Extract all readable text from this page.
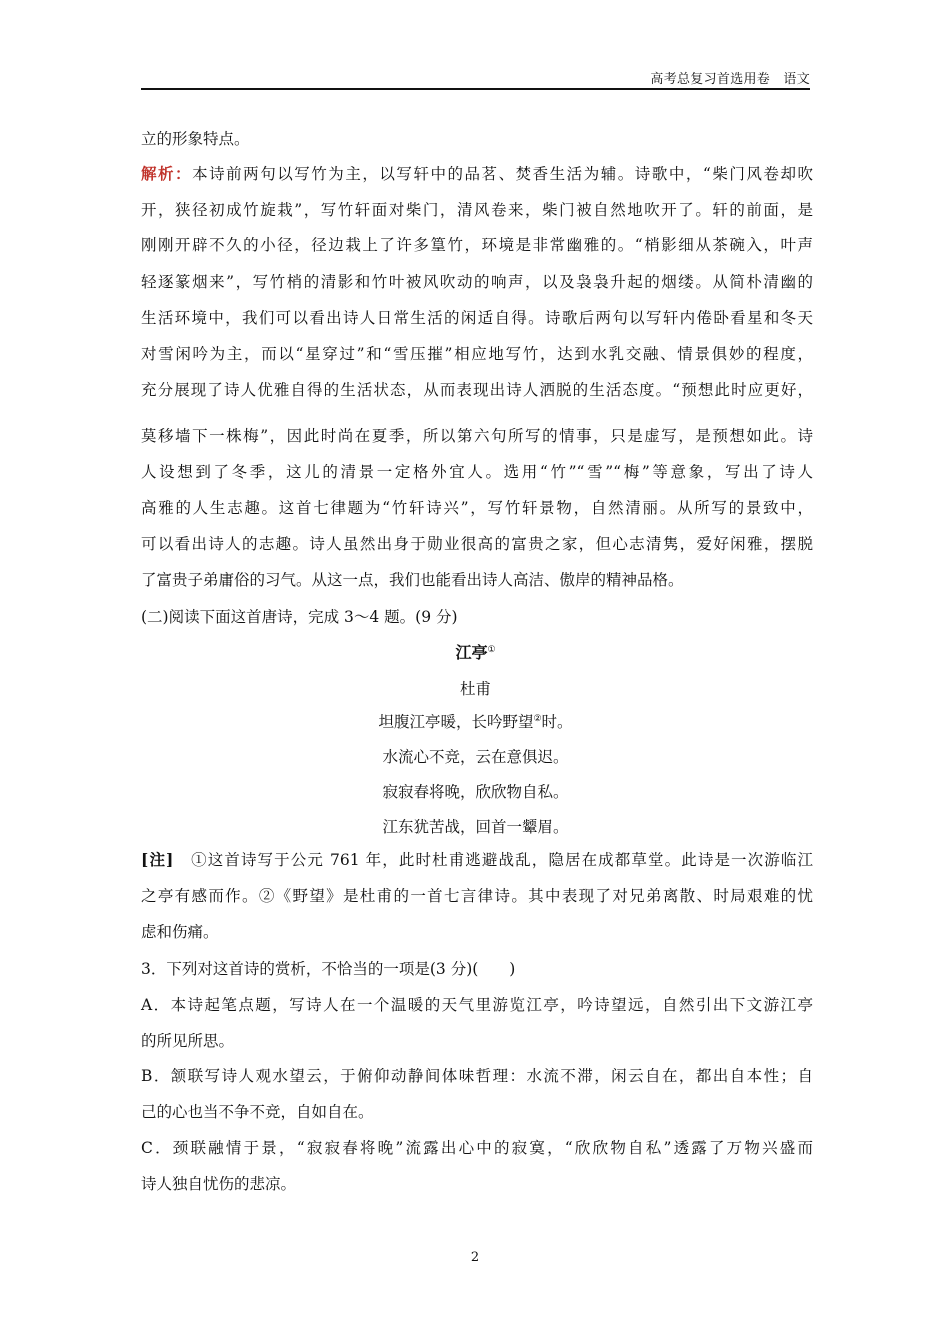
高考总复习首选用卷　语文
立的形象特点。
解析：本诗前两句以写竹为主，以写轩中的品茗、焚香生活为辅。诗歌中，“柴门风卷却吹
开，狭径初成竹旋栽”，写竹轩面对柴门，清风卷来，柴门被自然地吹开了。轩的前面，是
刚刚开辟不久的小径，径边栽上了许多篁竹，环境是非常幽雅的。“梢影细从茶碗入，叶声
轻逐篆烟来”，写竹梢的清影和竹叶被风吹动的响声，以及袅袅升起的烟缕。从简朴清幽的
生活环境中，我们可以看出诗人日常生活的闲适自得。诗歌后两句以写轩内倦卧看星和冬天
对雪闲吟为主，而以“星穿过”和“雪压摧”相应地写竹，达到水乳交融、情景俱妙的程度，
充分展现了诗人优雅自得的生活状态，从而表现出诗人洒脱的生活态度。“预想此时应更好，
莫移墙下一株梅”，因此时尚在夏季，所以第六句所写的情事，只是虚写，是预想如此。诗
人设想到了冬季，这儿的清景一定格外宜人。选用“竹”“雪”“梅”等意象，写出了诗人
高雅的人生志趣。这首七律题为“竹轩诗兴”，写竹轩景物，自然清丽。从所写的景致中，
可以看出诗人的志趣。诗人虽然出身于勋业很高的富贵之家，但心志清隽，爱好闲雅，摆脱
了富贵子弟庸俗的习气。从这一点，我们也能看出诗人高洁、傲岸的精神品格。
(二)阅读下面这首唐诗，完成 3～4 题。(9 分)
江亭①
杜甫
坦腹江亭暖，长吟野望②时。
水流心不竞，云在意俱迟。
寂寂春将晚，欣欣物自私。
江东犹苦战，回首一颦眉。
[注]　①这首诗写于公元 761 年，此时杜甫逃避战乱，隐居在成都草堂。此诗是一次游临江
之亭有感而作。②《野望》是杜甫的一首七言律诗。其中表现了对兄弟离散、时局艰难的忧
虑和伤痛。
3．下列对这首诗的赏析，不恰当的一项是(3 分)(　　)
A．本诗起笔点题，写诗人在一个温暖的天气里游览江亭，吟诗望远，自然引出下文游江亭
的所见所思。
B．颔联写诗人观水望云，于俯仰动静间体味哲理：水流不滞，闲云自在，都出自本性；自
己的心也当不争不竞，自如自在。
C．颈联融情于景，“寂寂春将晚”流露出心中的寂寞，“欣欣物自私”透露了万物兴盛而
诗人独自忧伤的悲凉。
2
